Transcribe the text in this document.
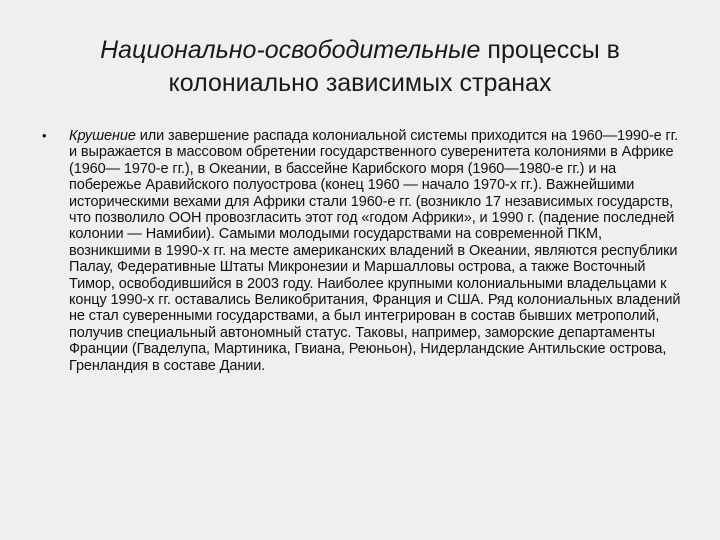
Национально-освободительные процессы в колониально зависимых странах
• Крушение или завершение распада колониальной системы приходится на 1960—1990-е гг. и выражается в массовом обретении государственного суверенитета колониями в Африке (1960— 1970-е гг.), в Океании, в бассейне Карибского моря (1960—1980-е гг.) и на побережье Аравийского полуострова (конец 1960 — начало 1970-х гг.). Важнейшими историческими вехами для Африки стали 1960-е гг. (возникло 17 независимых государств, что позволило ООН провозгласить этот год «годом Африки», и 1990 г. (падение последней колонии — Намибии). Самыми молодыми государствами на современной ПКМ, возникшими в 1990-х гг. на месте американских владений в Океании, являются республики Палау, Федеративные Штаты Микронезии и Маршалловы острова, а также Восточный Тимор, освободившийся в 2003 году. Наиболее крупными колониальными владельцами к концу 1990-х гг. оставались Великобритания, Франция и США. Ряд колониальных владений не стал суверенными государствами, а был интегрирован в состав бывших метрополий, получив специальный автономный статус. Таковы, например, заморские департаменты Франции (Гваделупа, Мартиника, Гвиана, Реюньон), Нидерландские Антильские острова, Гренландия в составе Дании.
